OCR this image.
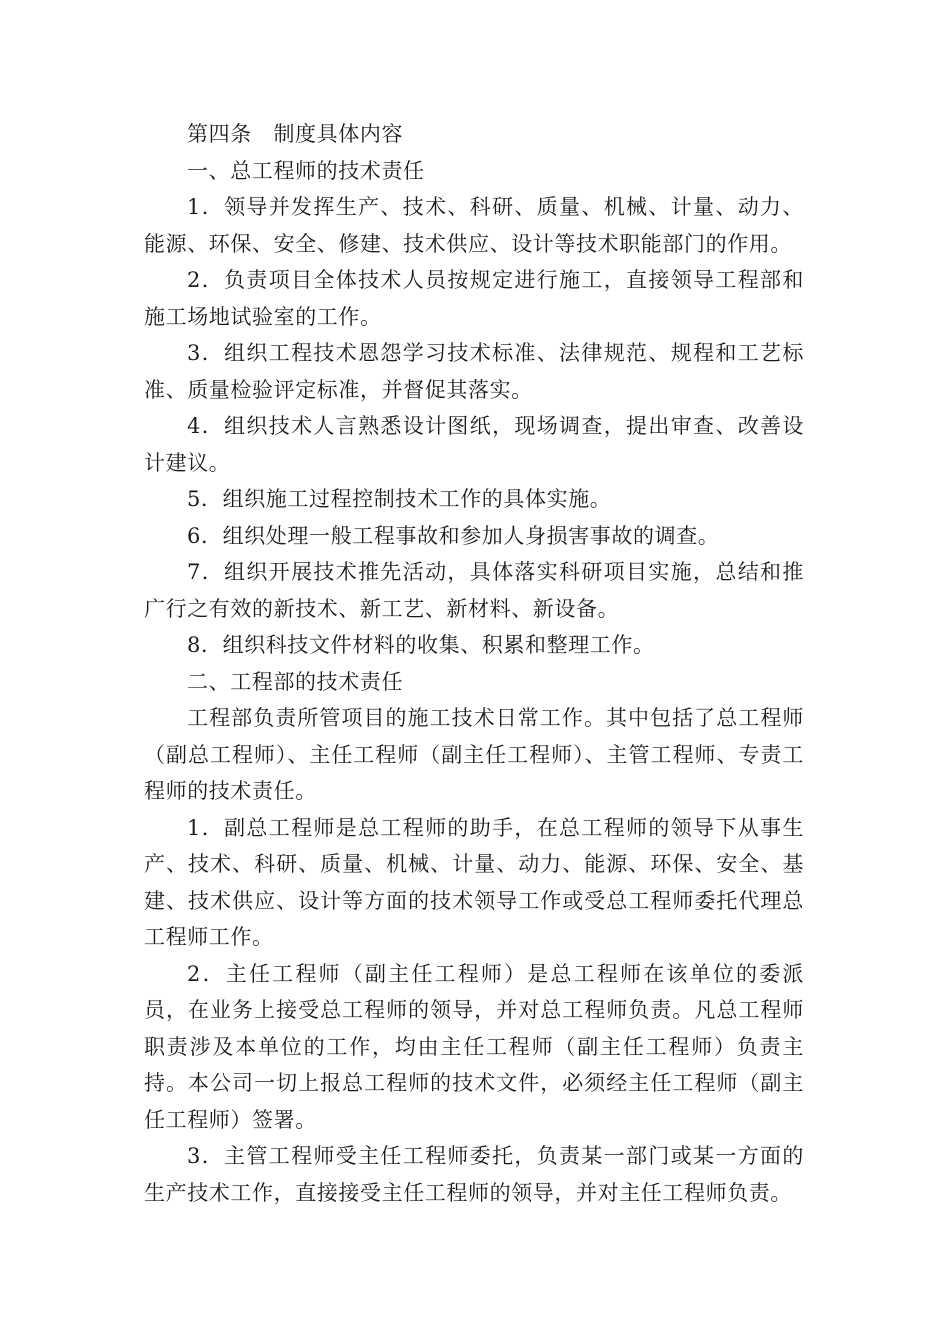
第四条　制度具体内容

一、总工程师的技术责任

1．领导并发挥生产、技术、科研、质量、机械、计量、动力、能源、环保、安全、修建、技术供应、设计等技术职能部门的作用。

2．负责项目全体技术人员按规定进行施工，直接领导工程部和施工场地试验室的工作。

3．组织工程技术恩怨学习技术标准、法律规范、规程和工艺标准、质量检验评定标准，并督促其落实。

4．组织技术人言熟悉设计图纸，现场调查，提出审查、改善设计建议。

5．组织施工过程控制技术工作的具体实施。

6．组织处理一般工程事故和参加人身损害事故的调查。

7．组织开展技术推先活动，具体落实科研项目实施，总结和推广行之有效的新技术、新工艺、新材料、新设备。

8．组织科技文件材料的收集、积累和整理工作。

二、工程部的技术责任

工程部负责所管项目的施工技术日常工作。其中包括了总工程师（副总工程师）、主任工程师（副主任工程师）、主管工程师、专责工程师的技术责任。

1．副总工程师是总工程师的助手，在总工程师的领导下从事生产、技术、科研、质量、机械、计量、动力、能源、环保、安全、基建、技术供应、设计等方面的技术领导工作或受总工程师委托代理总工程师工作。

2．主任工程师（副主任工程师）是总工程师在该单位的委派员，在业务上接受总工程师的领导，并对总工程师负责。凡总工程师职责涉及本单位的工作，均由主任工程师（副主任工程师）负责主持。本公司一切上报总工程师的技术文件，必须经主任工程师（副主任工程师）签署。

3．主管工程师受主任工程师委托，负责某一部门或某一方面的生产技术工作，直接接受主任工程师的领导，并对主任工程师负责。
